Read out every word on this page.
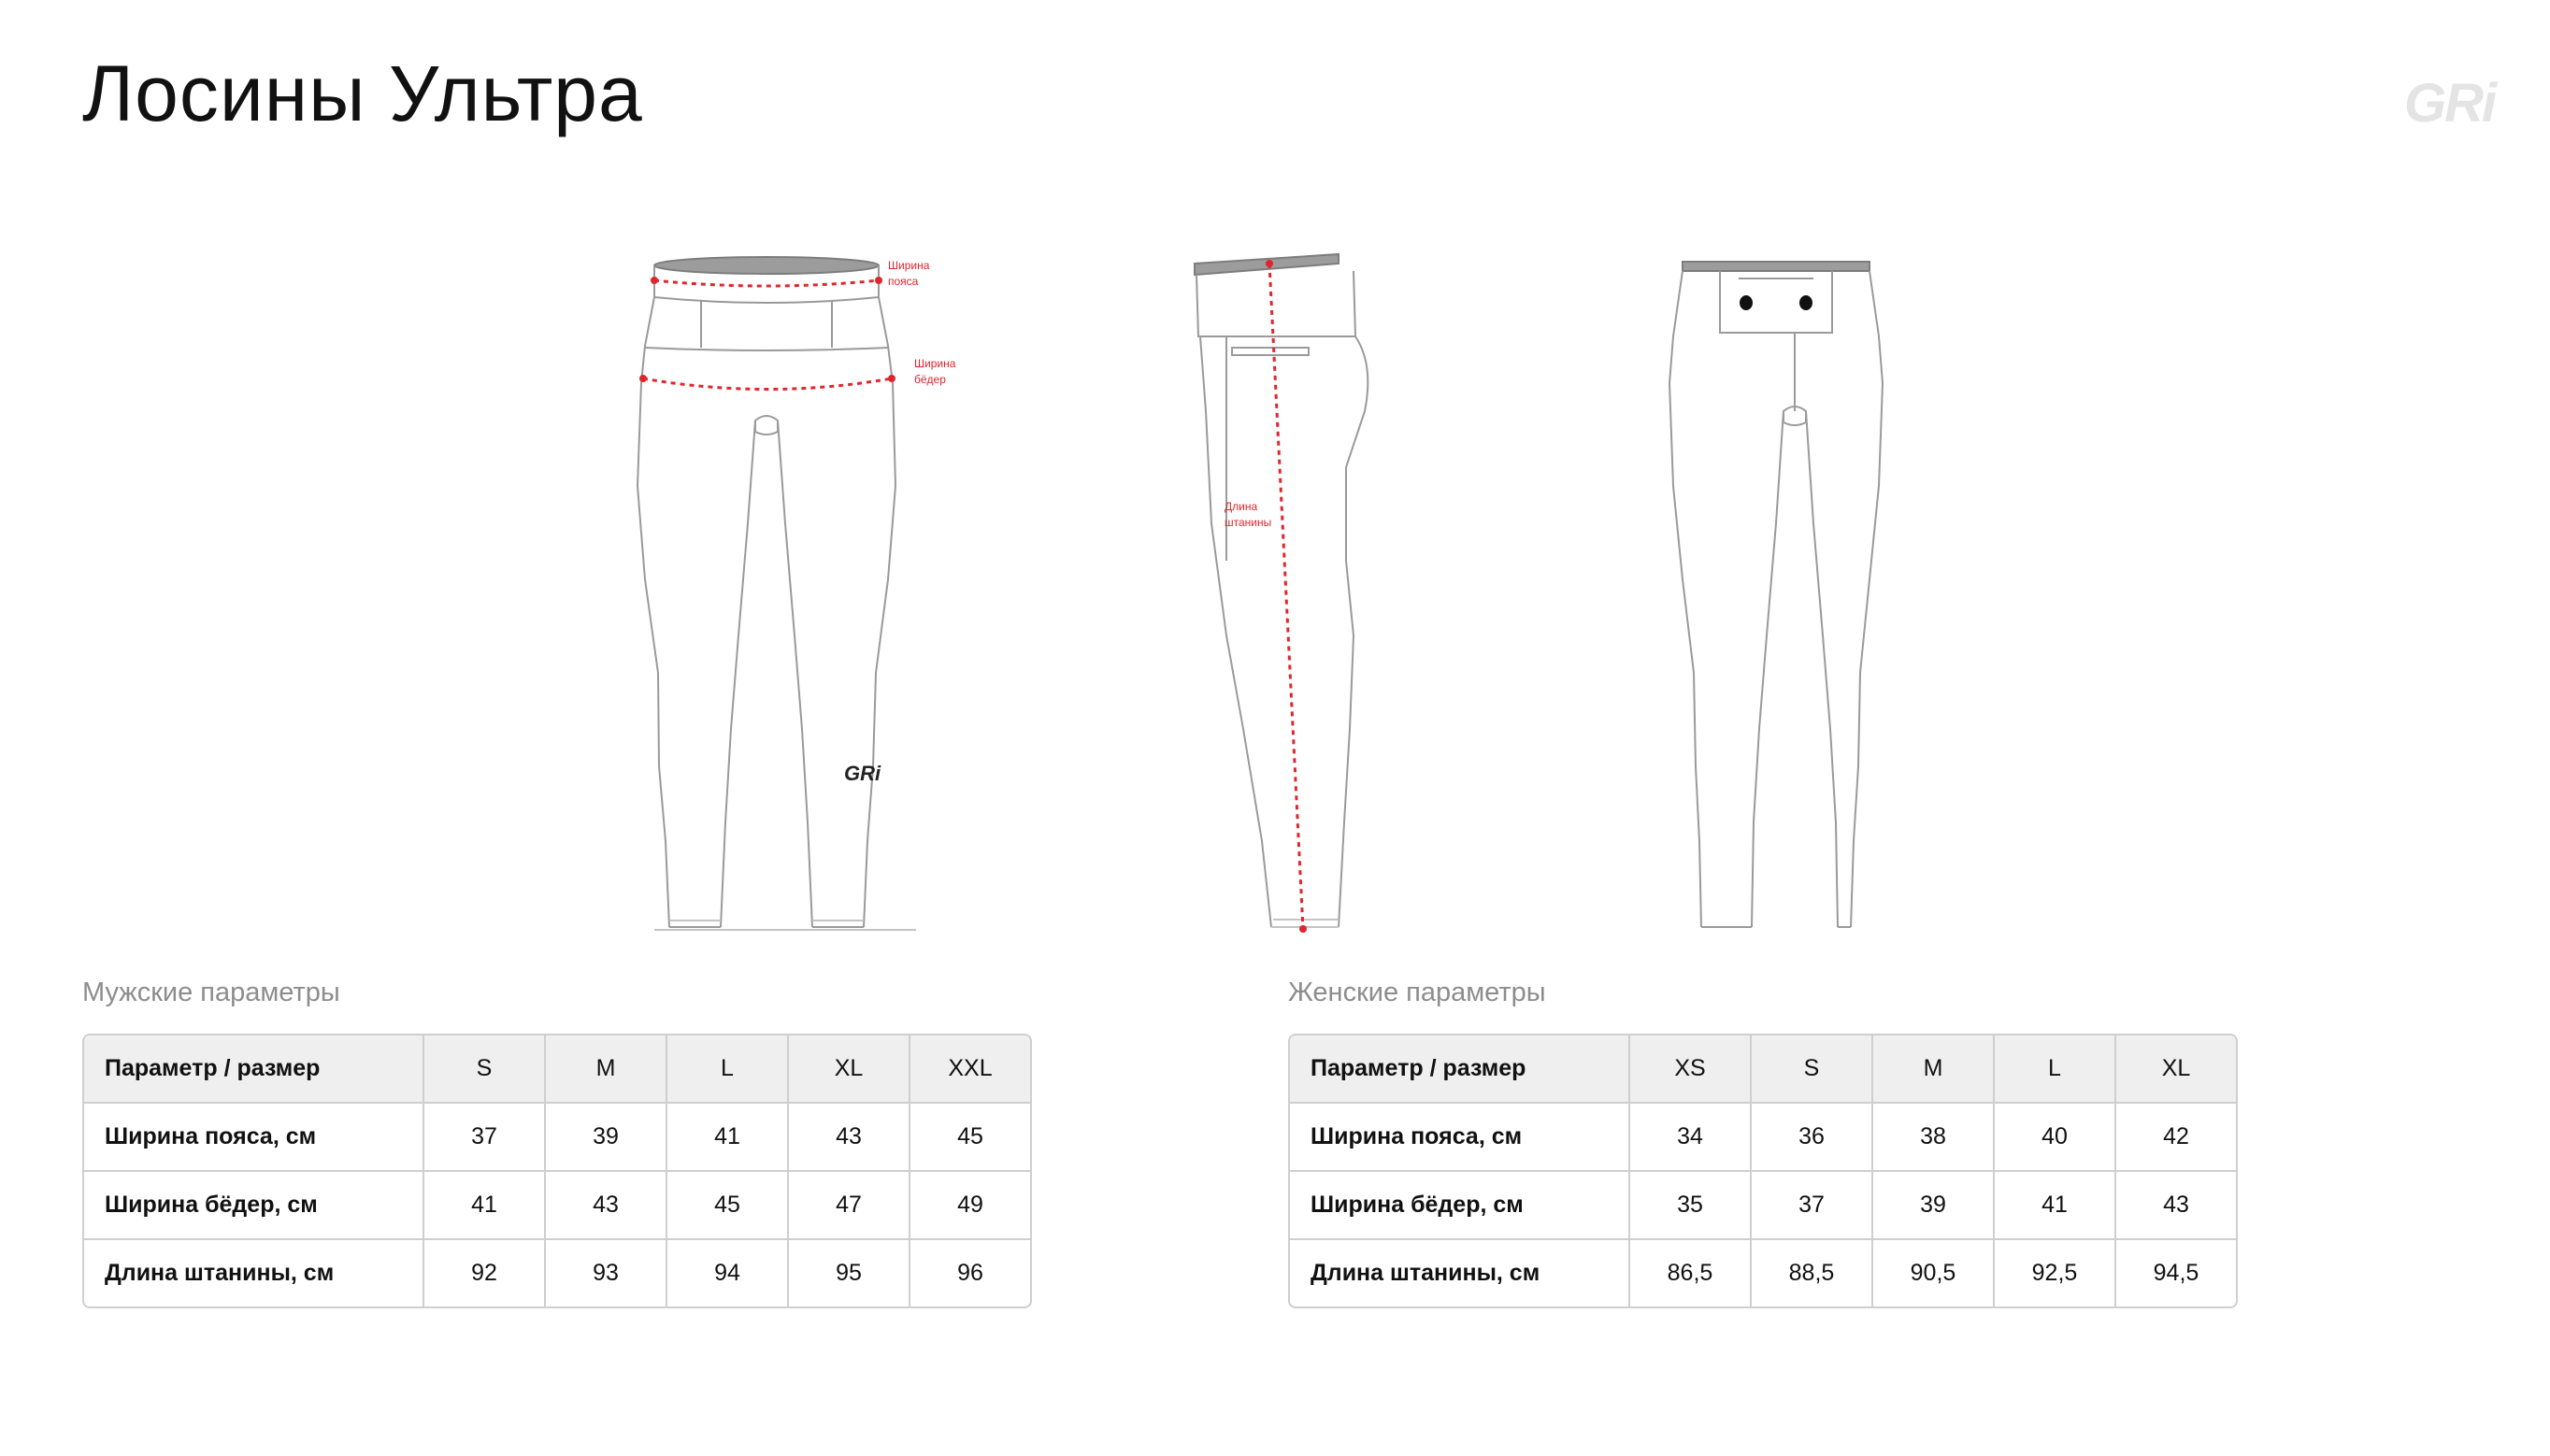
Лосины Ультра	GRi
GRi
Ширина
пояса
Ширина
бёдер
Длина
штанины
Мужские параметры
Параметр / размер	S	M	L	XL	XXL
Ширина пояса, см	37	39	41	43	45
Ширина бёдер, см	41	43	45	47	49
Длина штанины, см	92	93	94	95	96
Женские параметры
Параметр / размер	XS	S	M	L	XL
Ширина пояса, см	34	36	38	40	42
Ширина бёдер, см	35	37	39	41	43
Длина штанины, см	86,5	88,5	90,5	92,5	94,5
